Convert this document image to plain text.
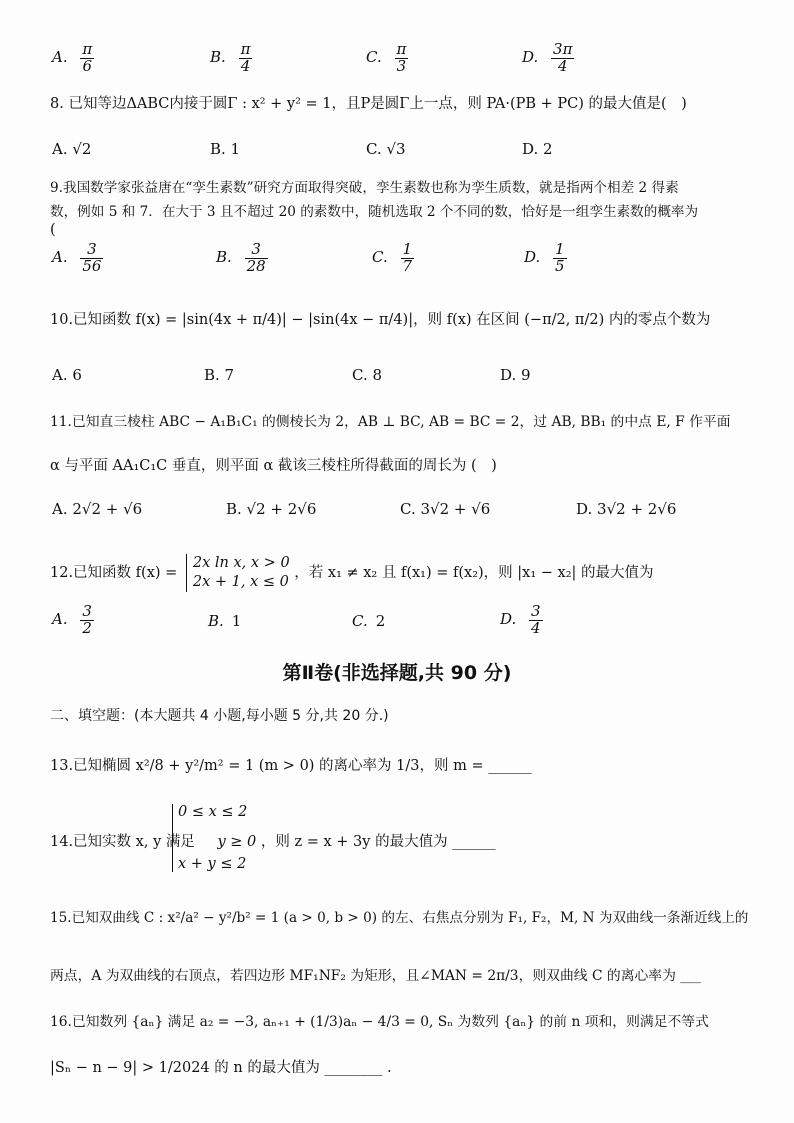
A. $\frac{\pi}{6}$	B. $\frac{\pi}{4}$	C. $\frac{\pi}{3}$	D. $\frac{3\pi}{4}$
8. 已知等边ΔABC内接于圆Γ : x² + y² = 1，且P是圆Γ上一点，则 PA·(PB + PC) 的最大值是(　)
A. √2	B. 1	C. √3	D. 2
9.我国数学家张益唐在“孪生素数”研究方面取得突破，孪生素数也称为孪生质数，就是指两个相差 2 得素
数，例如 5 和 7．在大于 3 且不超过 20 的素数中，随机选取 2 个不同的数，恰好是一组孪生素数的概率为
(
A. $\frac{3}{56}$	B. $\frac{3}{28}$	C. $\frac{1}{7}$	D. $\frac{1}{5}$
10.已知函数 f(x) = |sin(4x + π/4)| − |sin(4x − π/4)|，则 f(x) 在区间 (−π/2, π/2) 内的零点个数为
A. 6	B. 7	C. 8	D. 9
11.已知直三棱柱 ABC − A₁B₁C₁ 的侧棱长为 2，AB ⊥ BC, AB = BC = 2，过 AB, BB₁ 的中点 E, F 作平面
α 与平面 AA₁C₁C 垂直，则平面 α 截该三棱柱所得截面的周长为 (　)
A. 2√2 + √6	B. √2 + 2√6	C. 3√2 + √6	D. 3√2 + 2√6
12.已知函数 f(x) =
2x ln x, x > 0
2x + 1, x ≤ 0
，若 x₁ ≠ x₂ 且 f(x₁) = f(x₂)，则 |x₁ − x₂| 的最大值为
A. $\frac{3}{2}$	B. 1	C. 2	D. $\frac{3}{4}$
第Ⅱ卷(非选择题,共 90 分)
二、填空题：(本大题共 4 小题,每小题 5 分,共 20 分.)
13.已知椭圆 x²/8 + y²/m² = 1 (m > 0) 的离心率为 1/3，则 m = ______
0 ≤ x ≤ 2
14.已知实数 x, y 满足 y ≥ 0 ，则 z = x + 3y 的最大值为 ______
x + y ≤ 2
15.已知双曲线 C : x²/a² − y²/b² = 1 (a > 0, b > 0) 的左、右焦点分别为 F₁, F₂，M, N 为双曲线一条渐近线上的
两点，A 为双曲线的右顶点，若四边形 MF₁NF₂ 为矩形，且∠MAN = 2π/3，则双曲线 C 的离心率为 ___
16.已知数列 {aₙ} 满足 a₂ = −3, aₙ₊₁ + (1/3)aₙ − 4/3 = 0, Sₙ 为数列 {aₙ} 的前 n 项和，则满足不等式
|Sₙ − n − 9| > 1/2024 的 n 的最大值为 ________ .
